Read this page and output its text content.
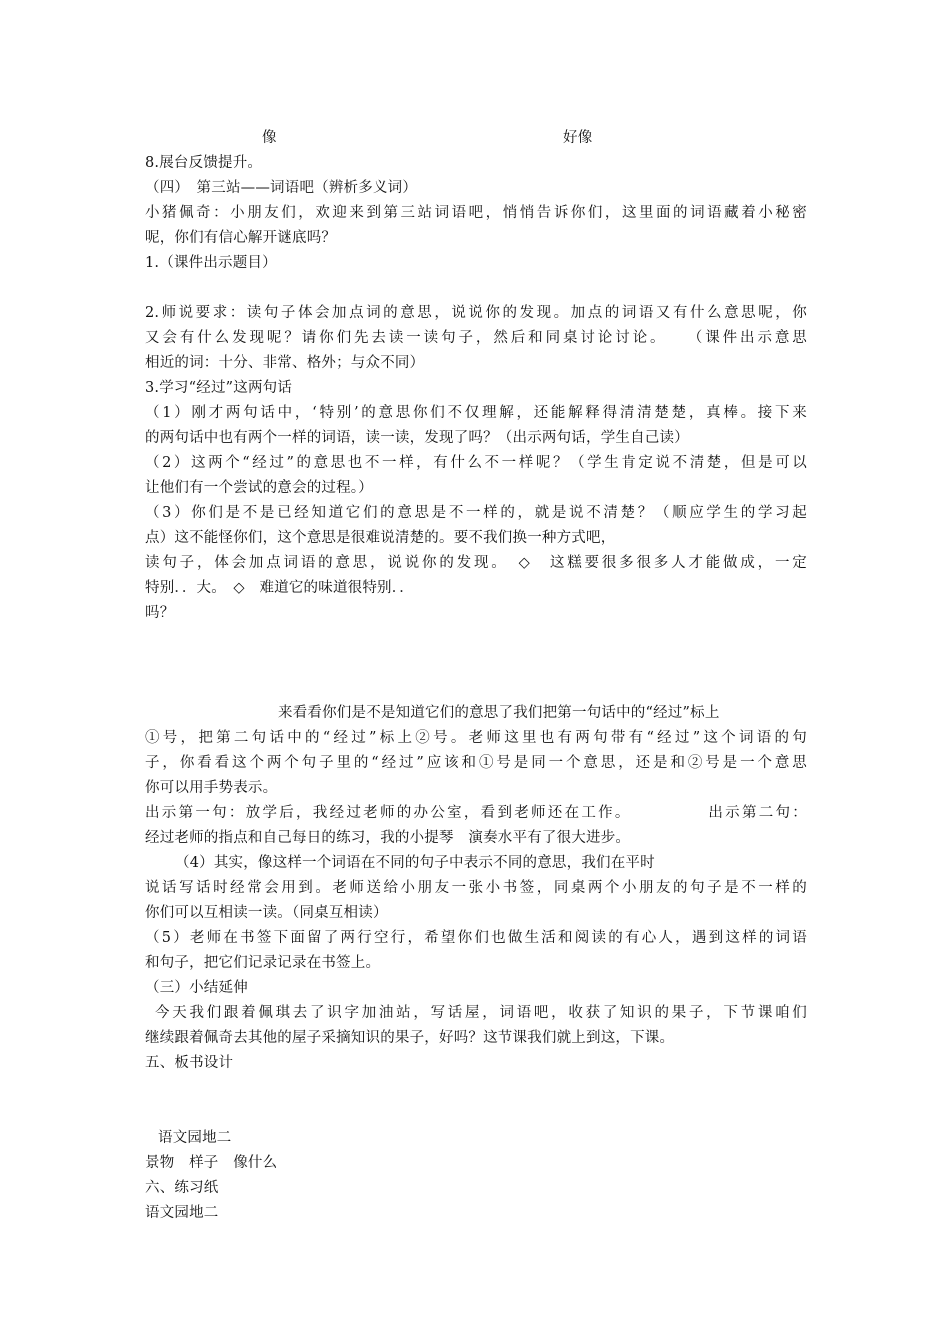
像	好像
8.展台反馈提升。
（四）　第三站——词语吧（辨析多义词）
小猪佩奇：小朋友们，欢迎来到第三站词语吧，悄悄告诉你们，这里面的词语藏着小秘密
呢，你们有信心解开谜底吗？
1.（课件出示题目）
2.师说要求：读句子体会加点词的意思，说说你的发现。加点的词语又有什么意思呢，你
又会有什么发现呢？请你们先去读一读句子，然后和同桌讨论讨论。　　（课件出示意思
相近的词：十分、非常、格外；与众不同）
3.学习“经过”这两句话
（1）刚才两句话中，‘特别’的意思你们不仅理解，还能解释得清清楚楚，真棒。接下来
的两句话中也有两个一样的词语，读一读，发现了吗？（出示两句话，学生自己读）
（2）这两个“经过”的意思也不一样，有什么不一样呢？（学生肯定说不清楚，但是可以
让他们有一个尝试的意会的过程。）
（3）你们是不是已经知道它们的意思是不一样的，就是说不清楚？（顺应学生的学习起
点）这不能怪你们，这个意思是很难说清楚的。要不我们换一种方式吧，
读句子，体会加点词语的意思，说说你的发现。　◇　这糕要很多很多人才能做成，一定
特别．．大。　◇　难道它的味道很特别．．
吗？
来看看你们是不是知道它们的意思了我们把第一句话中的“经过”标上
①号，把第二句话中的“经过”标上②号。老师这里也有两句带有“经过”这个词语的句
子，你看看这个两个句子里的“经过”应该和①号是同一个意思，还是和②号是一个意思
你可以用手势表示。
出示第一句：放学后，我经过老师的办公室，看到老师还在工作。　　　　　出示第二句：
经过老师的指点和自己每日的练习，我的小提琴　演奏水平有了很大进步。
（4）其实，像这样一个词语在不同的句子中表示不同的意思，我们在平时
说话写话时经常会用到。老师送给小朋友一张小书签，同桌两个小朋友的句子是不一样的
你们可以互相读一读。（同桌互相读）
（5）老师在书签下面留了两行空行，希望你们也做生活和阅读的有心人，遇到这样的词语
和句子，把它们记录记录在书签上。
（三）小结延伸
今天我们跟着佩琪去了识字加油站，写话屋，词语吧，收获了知识的果子，下节课咱们
继续跟着佩奇去其他的屋子采摘知识的果子，好吗？这节课我们就上到这，下课。
五、板书设计
语文园地二
景物　样子　像什么
六、练习纸
语文园地二
